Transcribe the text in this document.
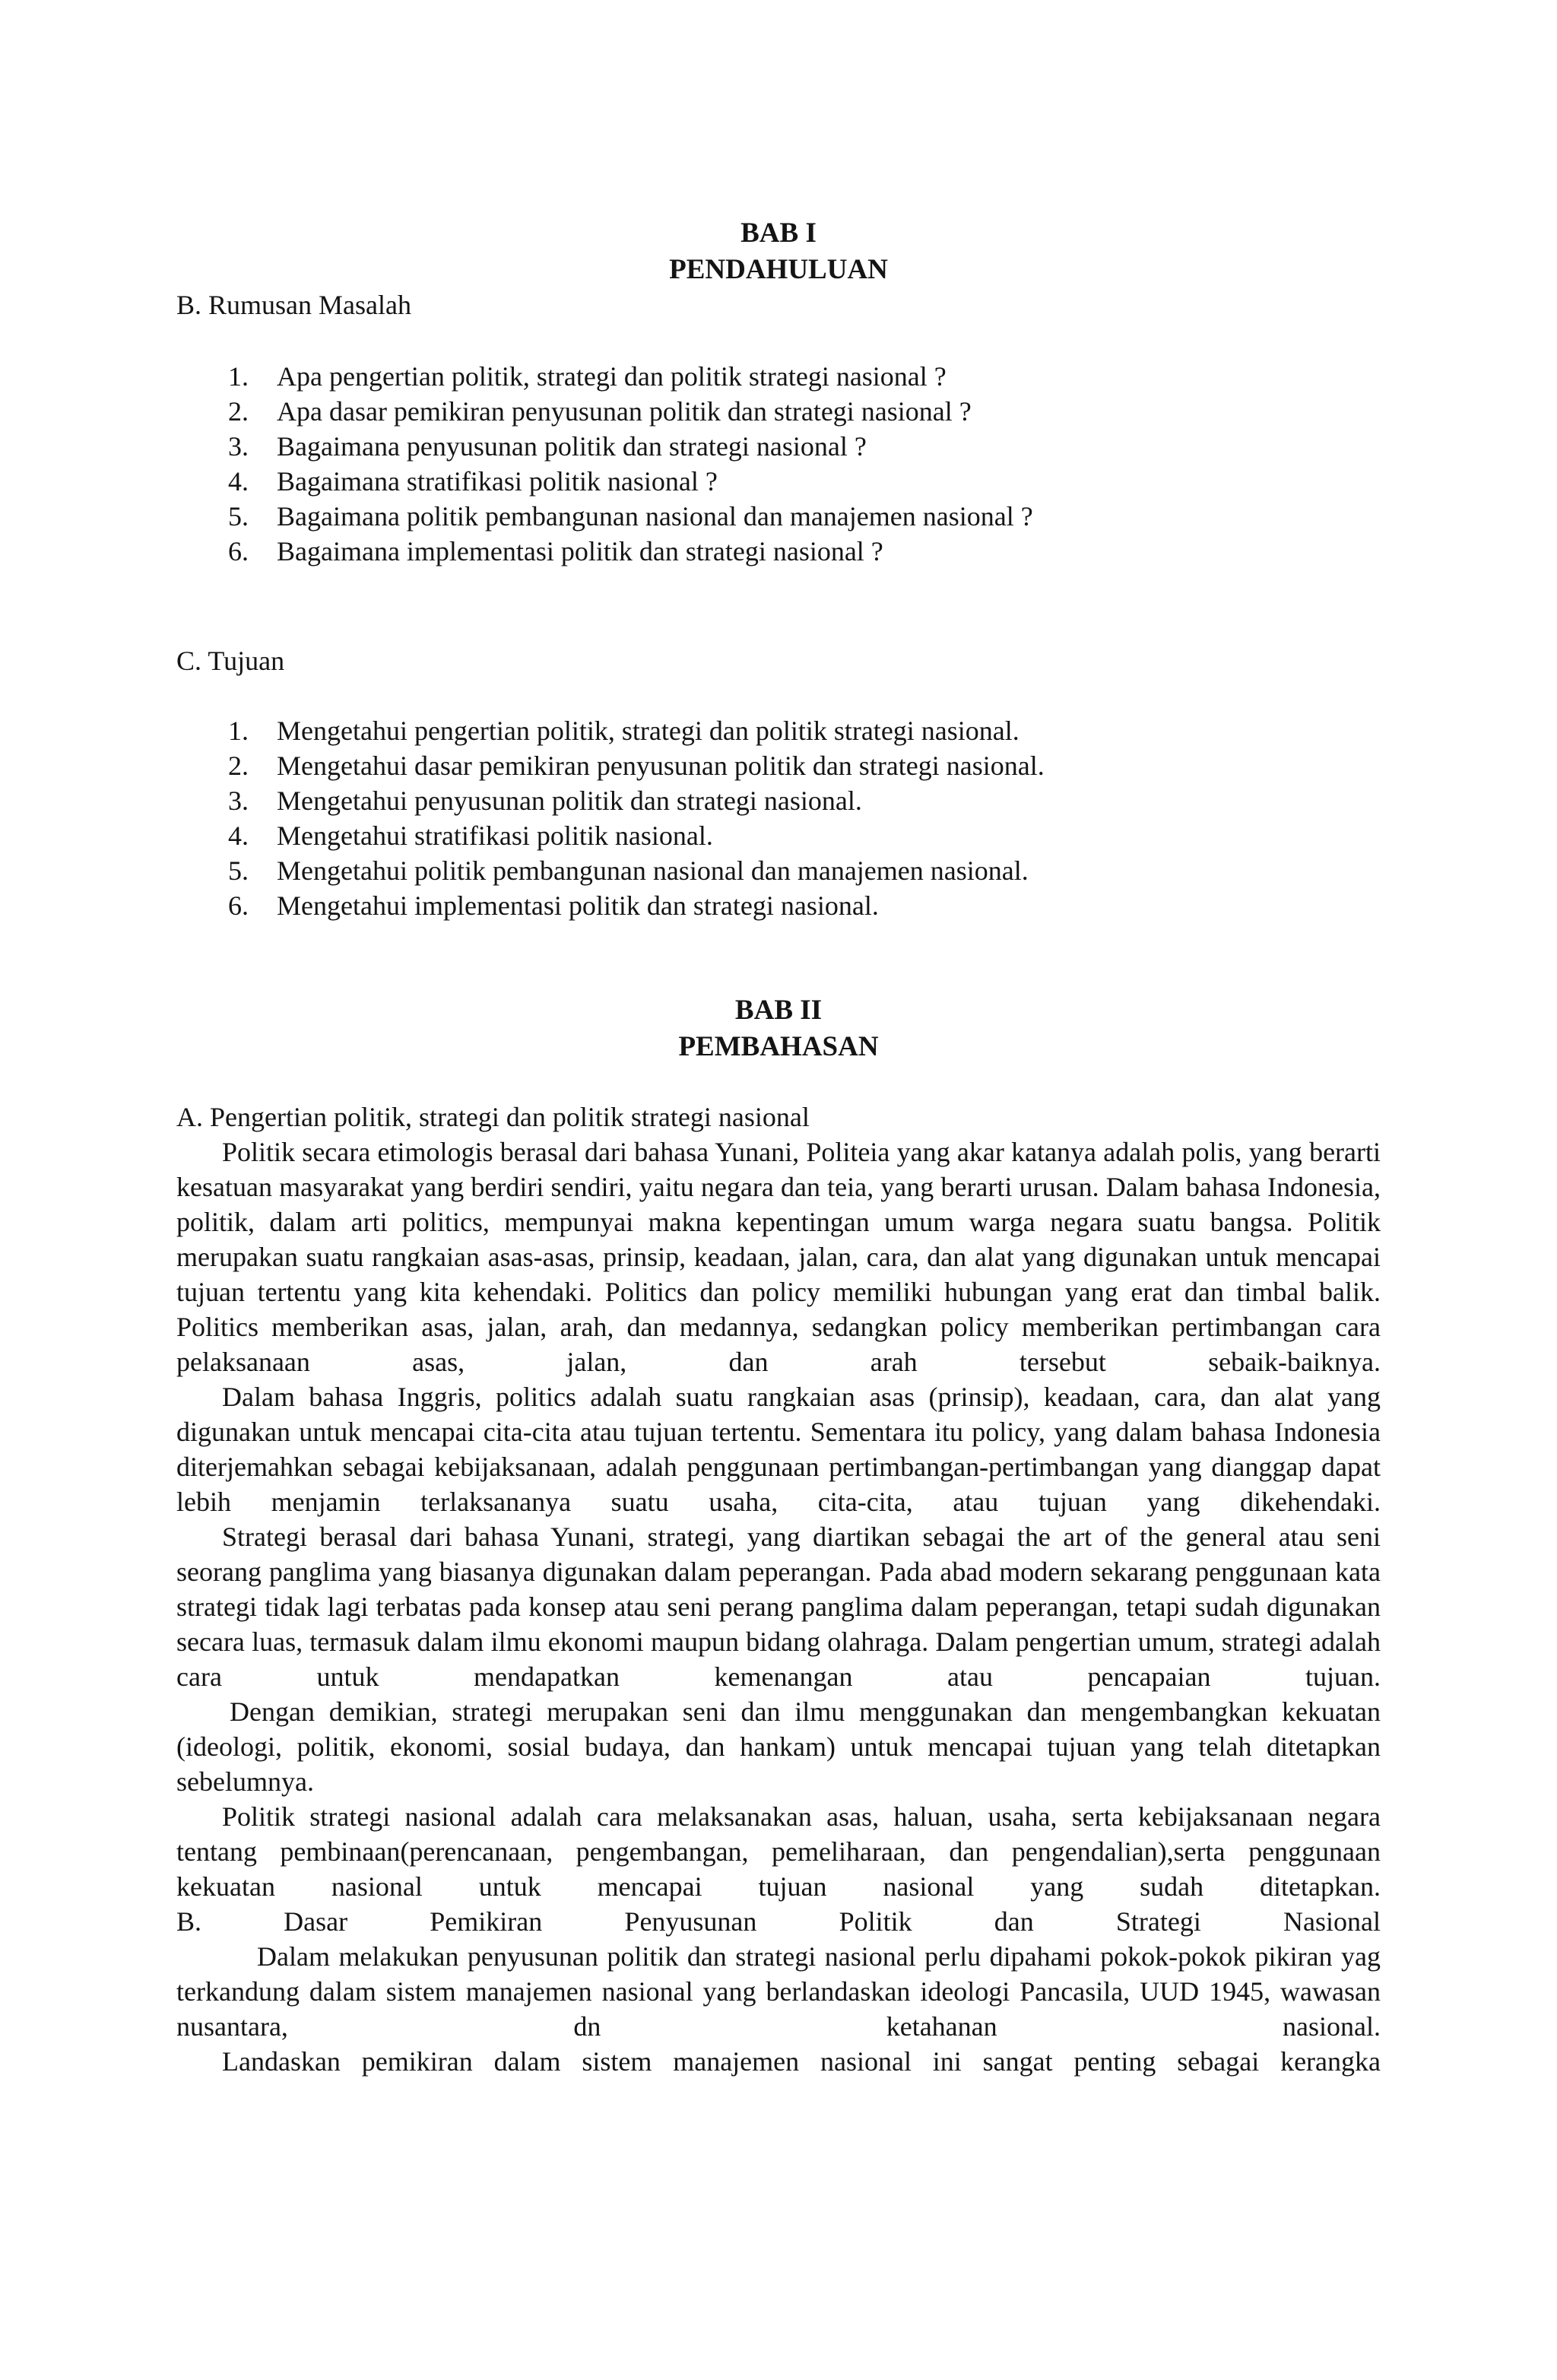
BAB I
PENDAHULUAN
B. Rumusan Masalah
1. Apa pengertian politik, strategi dan politik strategi nasional ?
2. Apa dasar pemikiran penyusunan politik dan strategi nasional ?
3. Bagaimana penyusunan politik dan strategi nasional ?
4. Bagaimana stratifikasi politik nasional ?
5. Bagaimana politik pembangunan nasional dan manajemen nasional ?
6. Bagaimana implementasi politik dan strategi nasional ?
C. Tujuan
1. Mengetahui pengertian politik, strategi dan politik strategi nasional.
2. Mengetahui dasar pemikiran penyusunan politik dan strategi nasional.
3. Mengetahui penyusunan politik dan strategi nasional.
4. Mengetahui stratifikasi politik nasional.
5. Mengetahui politik pembangunan nasional dan manajemen nasional.
6. Mengetahui implementasi politik dan strategi nasional.
BAB II
PEMBAHASAN
A. Pengertian politik, strategi dan politik strategi nasional

Politik secara etimologis berasal dari bahasa Yunani, Politeia yang akar katanya adalah polis, yang berarti kesatuan masyarakat yang berdiri sendiri, yaitu negara dan teia, yang berarti urusan. Dalam bahasa Indonesia, politik, dalam arti politics, mempunyai makna kepentingan umum warga negara suatu bangsa. Politik merupakan suatu rangkaian asas-asas, prinsip, keadaan, jalan, cara, dan alat yang digunakan untuk mencapai tujuan tertentu yang kita kehendaki. Politics dan policy memiliki hubungan yang erat dan timbal balik. Politics memberikan asas, jalan, arah, dan medannya, sedangkan policy memberikan pertimbangan cara pelaksanaan asas, jalan, dan arah tersebut sebaik-baiknya.

Dalam bahasa Inggris, politics adalah suatu rangkaian asas (prinsip), keadaan, cara, dan alat yang digunakan untuk mencapai cita-cita atau tujuan tertentu. Sementara itu policy, yang dalam bahasa Indonesia diterjemahkan sebagai kebijaksanaan, adalah penggunaan pertimbangan-pertimbangan yang dianggap dapat lebih menjamin terlaksananya suatu usaha, cita-cita, atau tujuan yang dikehendaki.

Strategi berasal dari bahasa Yunani, strategi, yang diartikan sebagai the art of the general atau seni seorang panglima yang biasanya digunakan dalam peperangan. Pada abad modern sekarang penggunaan kata strategi tidak lagi terbatas pada konsep atau seni perang panglima dalam peperangan, tetapi sudah digunakan secara luas, termasuk dalam ilmu ekonomi maupun bidang olahraga. Dalam pengertian umum, strategi adalah cara untuk mendapatkan kemenangan atau pencapaian tujuan.

Dengan demikian, strategi merupakan seni dan ilmu menggunakan dan mengembangkan kekuatan (ideologi, politik, ekonomi, sosial budaya, dan hankam) untuk mencapai tujuan yang telah ditetapkan sebelumnya.

Politik strategi nasional adalah cara melaksanakan asas, haluan, usaha, serta kebijaksanaan negara tentang pembinaan(perencanaan, pengembangan, pemeliharaan, dan pengendalian),serta penggunaan kekuatan nasional untuk mencapai tujuan nasional yang sudah ditetapkan.

B. Dasar Pemikiran Penyusunan Politik dan Strategi Nasional

Dalam melakukan penyusunan politik dan strategi nasional perlu dipahami pokok-pokok pikiran yag terkandung dalam sistem manajemen nasional yang berlandaskan ideologi Pancasila, UUD 1945, wawasan nusantara, dn ketahanan nasional.

Landaskan pemikiran dalam sistem manajemen nasional ini sangat penting sebagai kerangka
